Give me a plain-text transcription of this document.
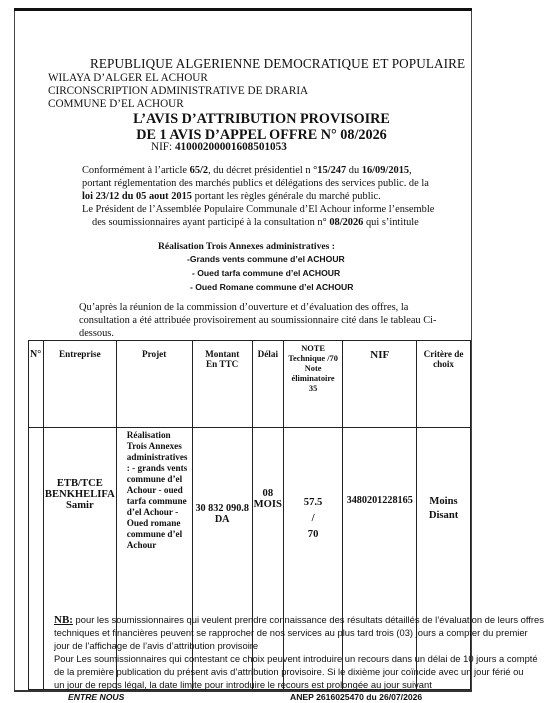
REPUBLIQUE ALGERIENNE DEMOCRATIQUE ET POPULAIRE
WILAYA D’ALGER EL ACHOUR
CIRCONSCRIPTION ADMINISTRATIVE DE DRARIA
COMMUNE D’EL ACHOUR
L’AVIS D’ATTRIBUTION PROVISOIRE
DE 1 AVIS D’APPEL OFFRE N° 08/2026
NIF: 41000200001608501053
Conformément à l’article 65/2, du décret présidentiel n °15/247 du 16/09/2015,
portant réglementation des marchés publics et délégations des services public. de la
loi 23/12 du 05 aout 2015 portant les règles générale du marché public.
Le Président de l’Assemblée Populaire Communale d’El Achour informe l’ensemble
des soumissionnaires ayant participé à la consultation n° 08/2026 qui s’intitule
Réalisation Trois Annexes administratives :
-Grands vents commune d’el ACHOUR
- Oued tarfa commune d’el ACHOUR
- Oued Romane commune d’el ACHOUR
Qu’après la réunion de la commission d’ouverture et d’évaluation des offres, la
consultation a été attribuée provisoirement au soumissionnaire cité dans le tableau Ci-
dessous.
N°	Entreprise	Projet	Montant En TTC	Délai	NOTE Technique /70 Note éliminatoire 35	NIF	Critère de choix
	ETB/TCE BENKHELIFA Samir	Réalisation Trois Annexes administratives : - grands vents commune d’el Achour - oued tarfa commune d’el Achour - Oued romane commune d’el Achour	30 832 090.8 DA	08 MOIS	57.5
/
70	3480201228165	Moins Disant
NB: pour les soumissionnaires qui veulent prendre connaissance des résultats détaillés de l’évaluation de leurs offres
techniques et financières peuvent se rapprocher de nos services au plus tard trois (03) jours a compter du premier
jour de l’affichage de l’avis d’attribution provisoire
Pour Les soumissionnaires qui contestant ce choix peuvent introduire un recours dans un délai de 10 jours a compté
de la première publication du présent avis d’attribution provisoire. Si le dixième jour coïncide avec un jour férié ou
un jour de repos légal, la date limite pour introduire le recours est prolongée au jour suivant
ENTRE NOUS	ANEP 2616025470 du 26/07/2026
